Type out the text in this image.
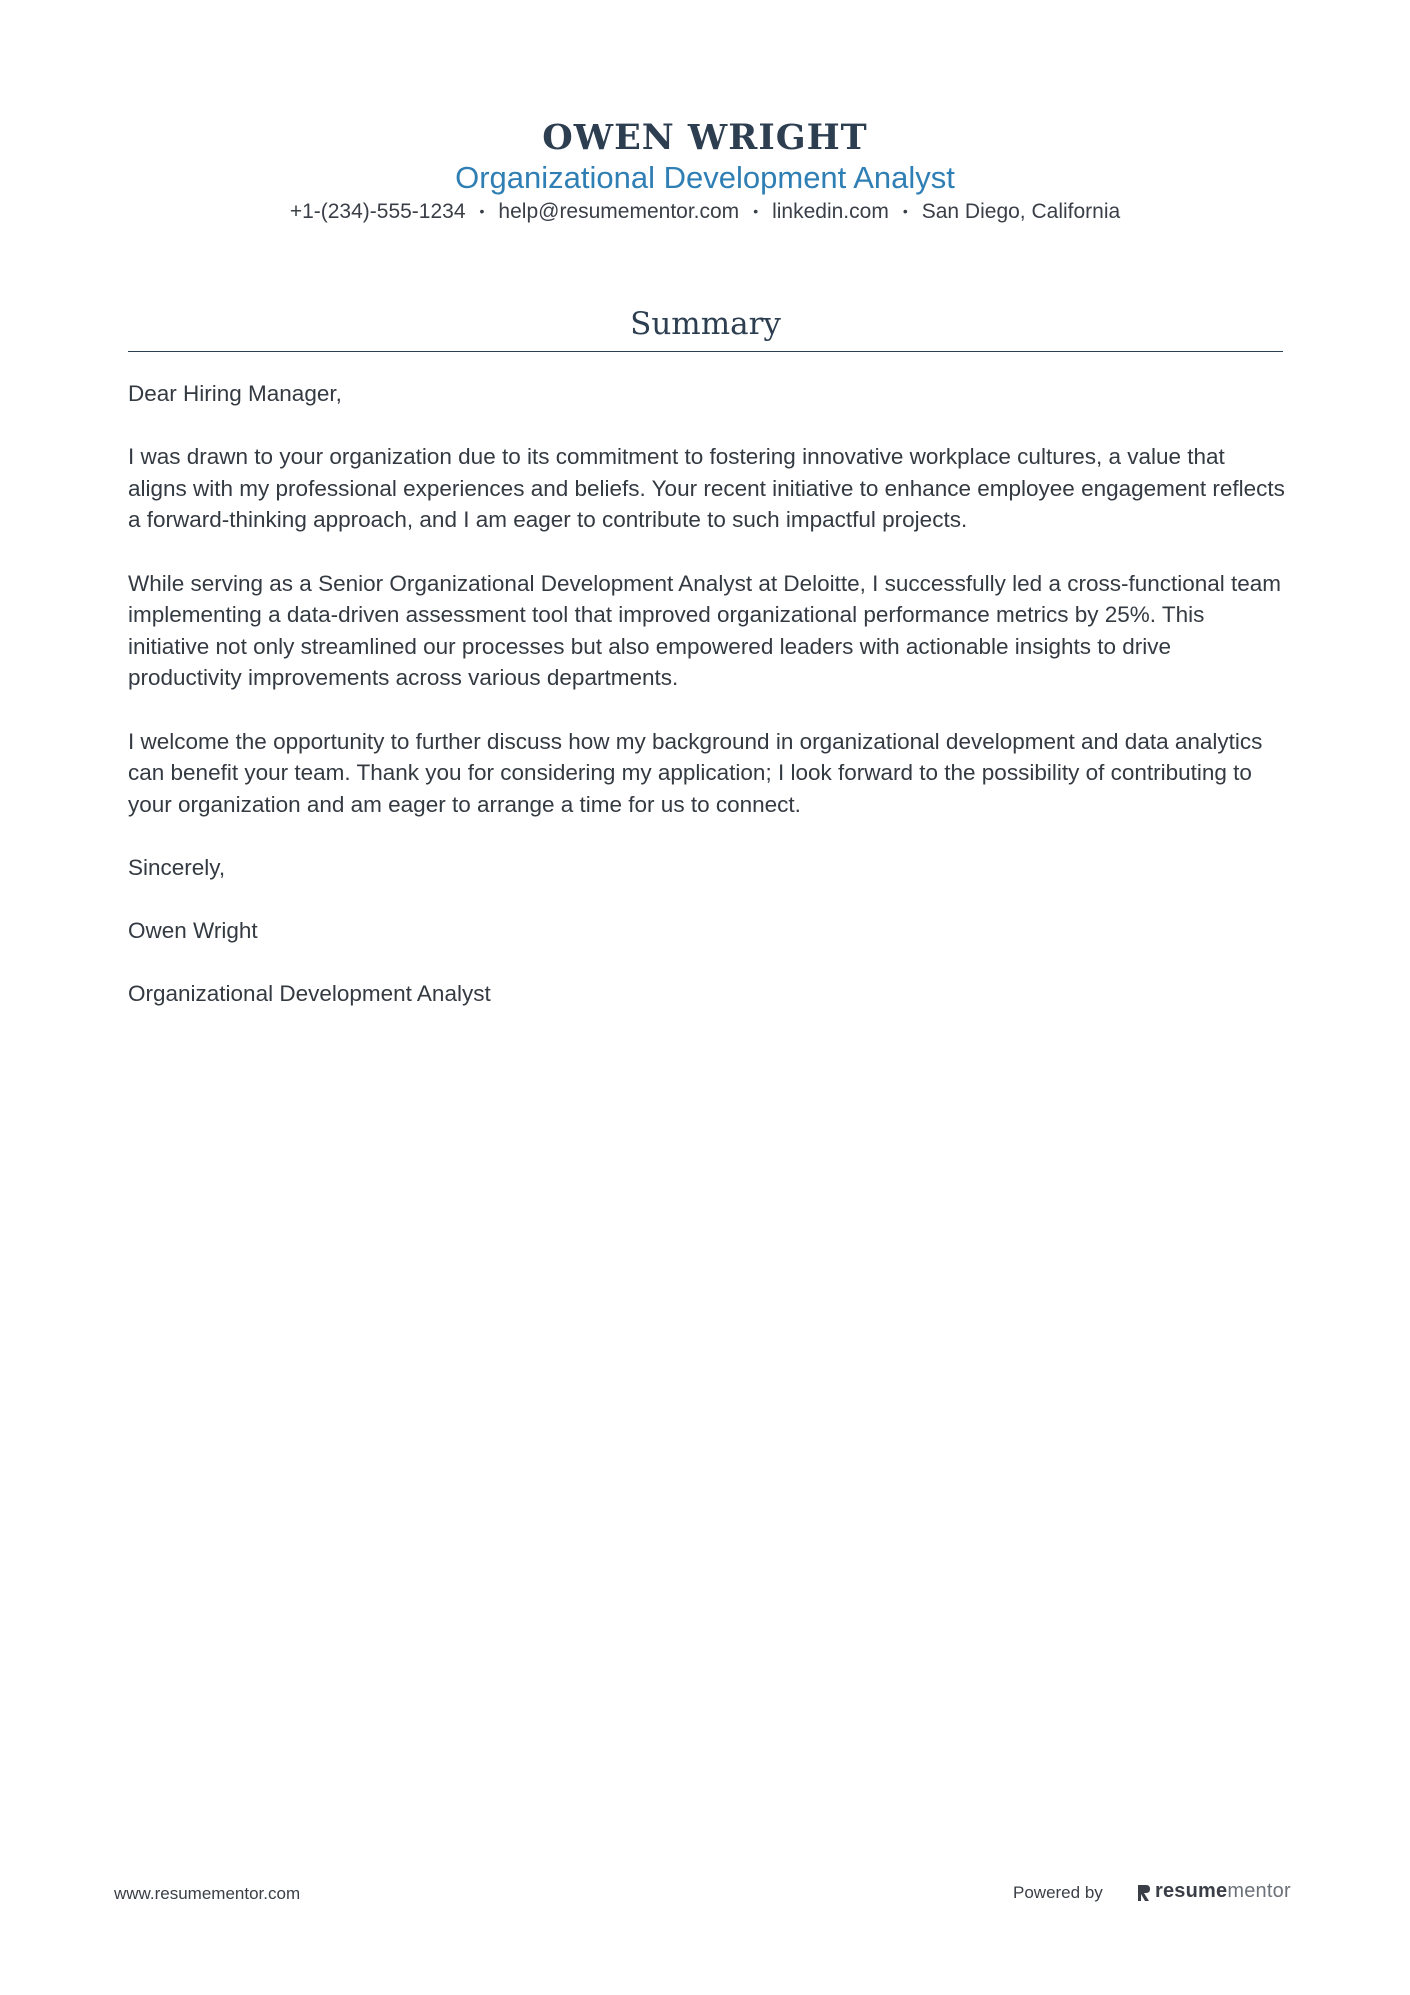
OWEN WRIGHT
Organizational Development Analyst
+1-(234)-555-1234 • help@resumementor.com • linkedin.com • San Diego, California
Summary

Dear Hiring Manager,

I was drawn to your organization due to its commitment to fostering innovative workplace cultures, a value that aligns with my professional experiences and beliefs. Your recent initiative to enhance employee engagement reflects a forward-thinking approach, and I am eager to contribute to such impactful projects.

While serving as a Senior Organizational Development Analyst at Deloitte, I successfully led a cross-functional team implementing a data-driven assessment tool that improved organizational performance metrics by 25%. This initiative not only streamlined our processes but also empowered leaders with actionable insights to drive productivity improvements across various departments.

I welcome the opportunity to further discuss how my background in organizational development and data analytics can benefit your team. Thank you for considering my application; I look forward to the possibility of contributing to your organization and am eager to arrange a time for us to connect.

Sincerely,

Owen Wright

Organizational Development Analyst

www.resumementor.com	Powered by	resumementor
